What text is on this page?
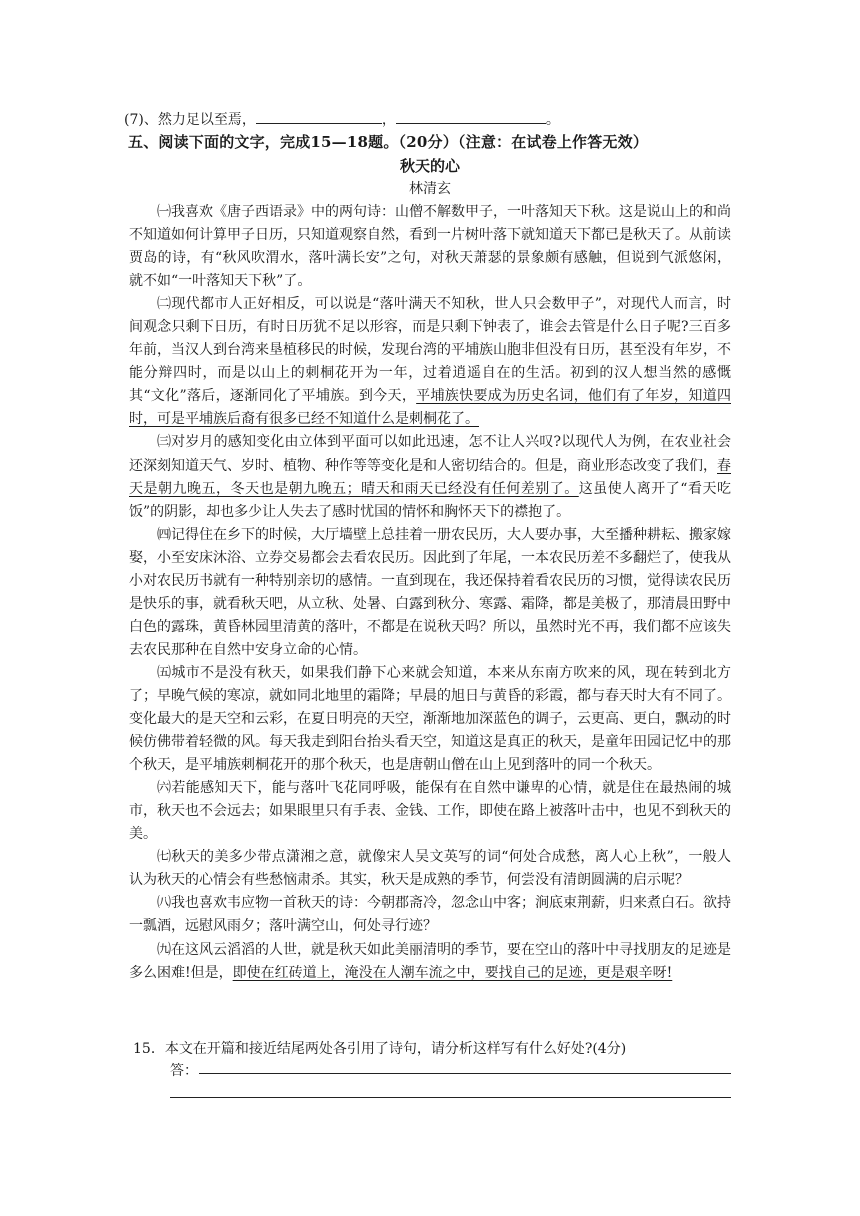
(7)、然力足以至焉，	，	。
五、阅读下面的文字，完成15—18题。（20分）（注意：在试卷上作答无效）
秋天的心
林清玄

㈠我喜欢《唐子西语录》中的两句诗：山僧不解数甲子，一叶落知天下秋。这是说山上的和尚不知道如何计算甲子日历，只知道观察自然，看到一片树叶落下就知道天下都已是秋天了。从前读贾岛的诗，有“秋风吹渭水，落叶满长安”之句，对秋天萧瑟的景象颇有感触，但说到气派悠闲，就不如“一叶落知天下秋”了。

㈡现代都市人正好相反，可以说是“落叶满天不知秋，世人只会数甲子”，对现代人而言，时间观念只剩下日历，有时日历犹不足以形容，而是只剩下钟表了，谁会去管是什么日子呢?三百多年前，当汉人到台湾来垦植移民的时候，发现台湾的平埔族山胞非但没有日历，甚至没有年岁，不能分辩四时，而是以山上的刺桐花开为一年，过着逍遥自在的生活。初到的汉人想当然的感慨其“文化”落后，逐渐同化了平埔族。到今天，平埔族快要成为历史名词，他们有了年岁，知道四时，可是平埔族后裔有很多已经不知道什么是刺桐花了。

㈢对岁月的感知变化由立体到平面可以如此迅速，怎不让人兴叹?以现代人为例，在农业社会还深刻知道天气、岁时、植物、种作等等变化是和人密切结合的。但是，商业形态改变了我们，春天是朝九晚五，冬天也是朝九晚五；晴天和雨天已经没有任何差别了。这虽使人离开了“看天吃饭”的阴影，却也多少让人失去了感时忧国的情怀和胸怀天下的襟抱了。

㈣记得住在乡下的时候，大厅墙壁上总挂着一册农民历，大人要办事，大至播种耕耘、搬家嫁娶，小至安床沐浴、立券交易都会去看农民历。因此到了年尾，一本农民历差不多翻烂了，使我从小对农民历书就有一种特别亲切的感情。一直到现在，我还保持着看农民历的习惯，觉得读农民历是快乐的事，就看秋天吧，从立秋、处暑、白露到秋分、寒露、霜降，都是美极了，那清晨田野中白色的露珠，黄昏林园里清黄的落叶，不都是在说秋天吗？所以，虽然时光不再，我们都不应该失去农民那种在自然中安身立命的心情。

㈤城市不是没有秋天，如果我们静下心来就会知道，本来从东南方吹来的风，现在转到北方了；早晚气候的寒凉，就如同北地里的霜降；早晨的旭日与黄昏的彩霞，都与春天时大有不同了。变化最大的是天空和云彩，在夏日明亮的天空，渐渐地加深蓝色的调子，云更高、更白，飘动的时候仿佛带着轻微的风。每天我走到阳台抬头看天空，知道这是真正的秋天，是童年田园记忆中的那个秋天，是平埔族刺桐花开的那个秋天，也是唐朝山僧在山上见到落叶的同一个秋天。

㈥若能感知天下，能与落叶飞花同呼吸，能保有在自然中谦卑的心情，就是住在最热闹的城市，秋天也不会远去；如果眼里只有手表、金钱、工作，即使在路上被落叶击中，也见不到秋天的美。

㈦秋天的美多少带点潇湘之意，就像宋人吴文英写的词“何处合成愁，离人心上秋”，一般人认为秋天的心情会有些愁恼肃杀。其实，秋天是成熟的季节，何尝没有清朗圆满的启示呢？

㈧我也喜欢韦应物一首秋天的诗：今朝郡斋冷，忽念山中客；涧底束荆薪，归来煮白石。欲持一瓢酒，远慰风雨夕；落叶满空山，何处寻行迹？

㈨在这风云滔滔的人世，就是秋天如此美丽清明的季节，要在空山的落叶中寻找朋友的足迹是多么困难!但是，即使在红砖道上，淹没在人潮车流之中，要找自己的足迹，更是艰辛呀!

15．本文在开篇和接近结尾两处各引用了诗句，请分析这样写有什么好处?(4分)
答：
